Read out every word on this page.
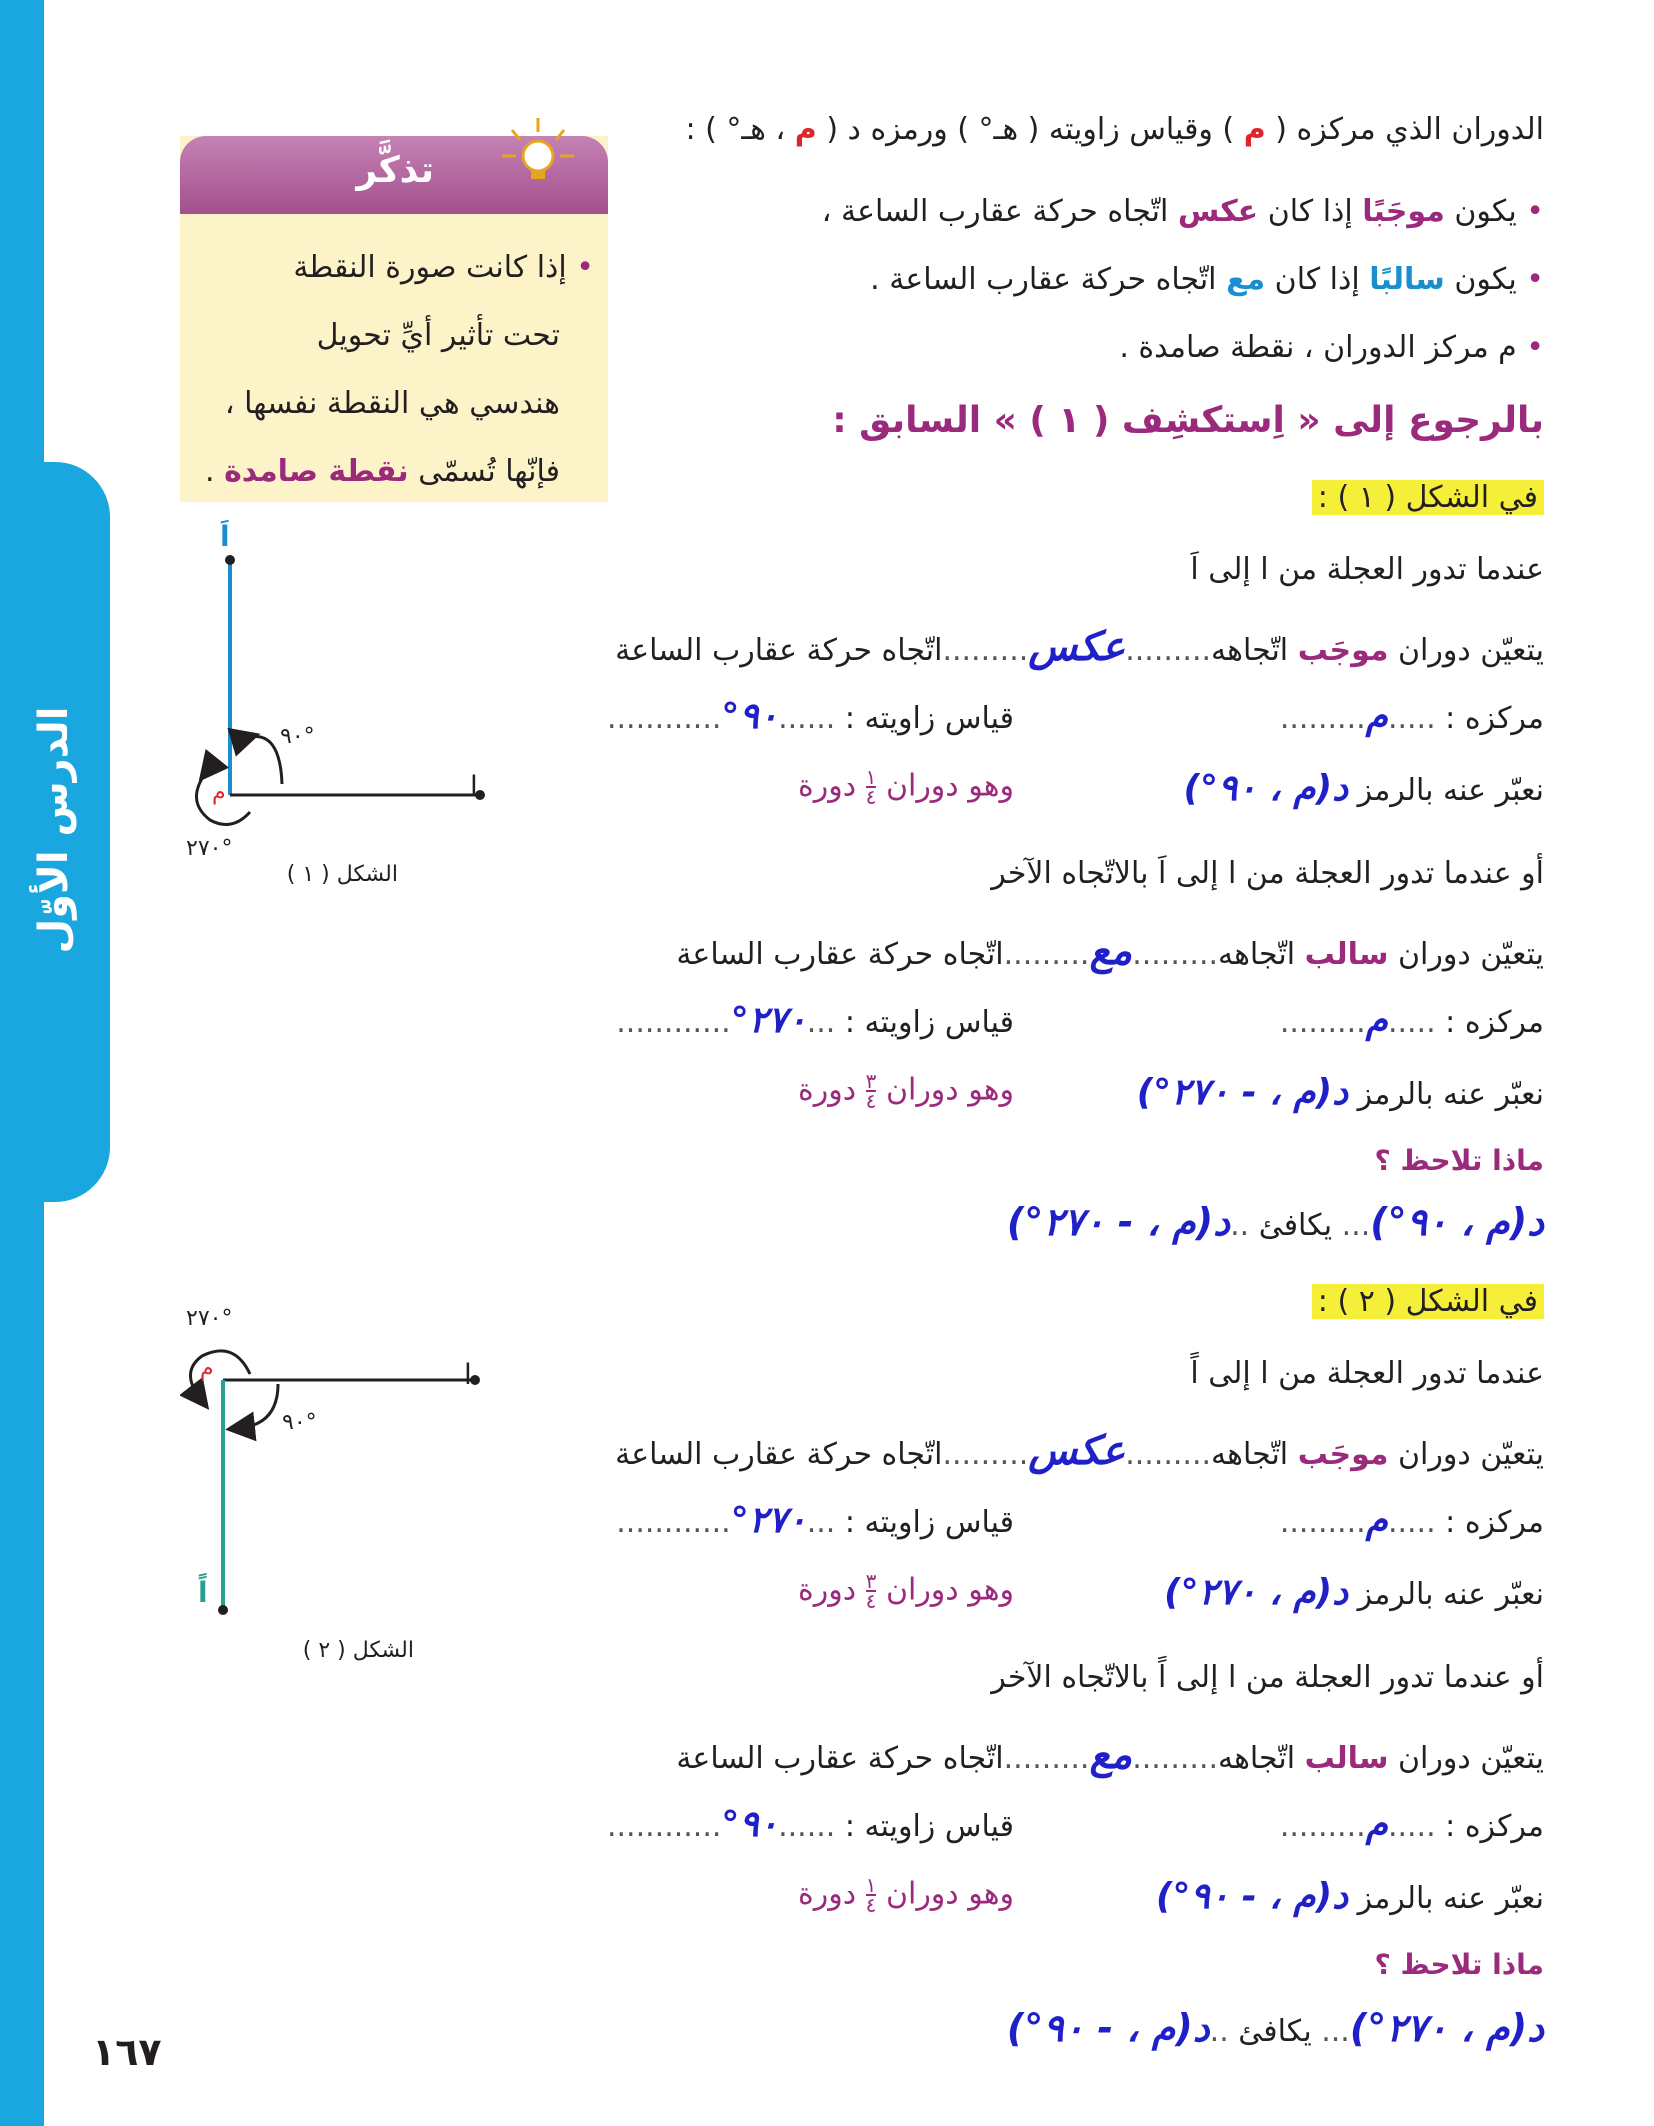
الدرس الأوّل
تذكَّر
• إذا كانت صورة النقطة
تحت تأثير أيِّ تحويل
هندسي هي النقطة نفسها ،
فإنّها تُسمّى نقطة صامدة .
الدوران الذي مركزه ( م ) وقياس زاويته ( هـ° ) ورمزه د ( م ، هـ° ) :
• يكون موجَبًا إذا كان عكس اتّجاه حركة عقارب الساعة ،
• يكون سالبًا إذا كان مع اتّجاه حركة عقارب الساعة .
• م مركز الدوران ، نقطة صامدة .
بالرجوع إلى « اِستكشِف ( ١ ) » السابق :
في الشكل ( ١ ) :
عندما تدور العجلة من ا إلى اَ
يتعيّن دوران موجَب اتّجاهه.........عكس.........اتّجاه حركة عقارب الساعة
مركزه : .....م.........
قياس زاويته : ......٩٠°............
نعبّر عنه بالرمز د(م ، ٩٠°)
وهو دوران ١
٤ دورة
أو عندما تدور العجلة من ا إلى اَ بالاتّجاه الآخر
يتعيّن دوران سالب اتّجاهه.........مع.........اتّجاه حركة عقارب الساعة
مركزه : .....م.........
قياس زاويته : ...٢٧٠°............
نعبّر عنه بالرمز د(م ، - ٢٧٠°)
وهو دوران ٣
٤ دورة
ماذا تلاحظ ؟
د(م ، ٩٠°)... يكافئ ..د(م ، - ٢٧٠°)
في الشكل ( ٢ ) :
عندما تدور العجلة من ا إلى اً
يتعيّن دوران موجَب اتّجاهه.........عكس.........اتّجاه حركة عقارب الساعة
مركزه : .....م.........
قياس زاويته : ...٢٧٠°............
نعبّر عنه بالرمز د(م ، ٢٧٠°)
وهو دوران ٣
٤ دورة
أو عندما تدور العجلة من ا إلى اً بالاتّجاه الآخر
يتعيّن دوران سالب اتّجاهه.........مع.........اتّجاه حركة عقارب الساعة
مركزه : .....م.........
قياس زاويته : ......٩٠°............
نعبّر عنه بالرمز د(م ، - ٩٠°)
وهو دوران ١
٤ دورة
ماذا تلاحظ ؟
د(م ، ٢٧٠°)... يكافئ ..د(م ، - ٩٠°)
اَ
ا
م
٩٠°
٢٧٠°
الشكل ( ١ )
ا
اً
م
٩٠°
٢٧٠°
الشكل ( ٢ )
١٦٧
